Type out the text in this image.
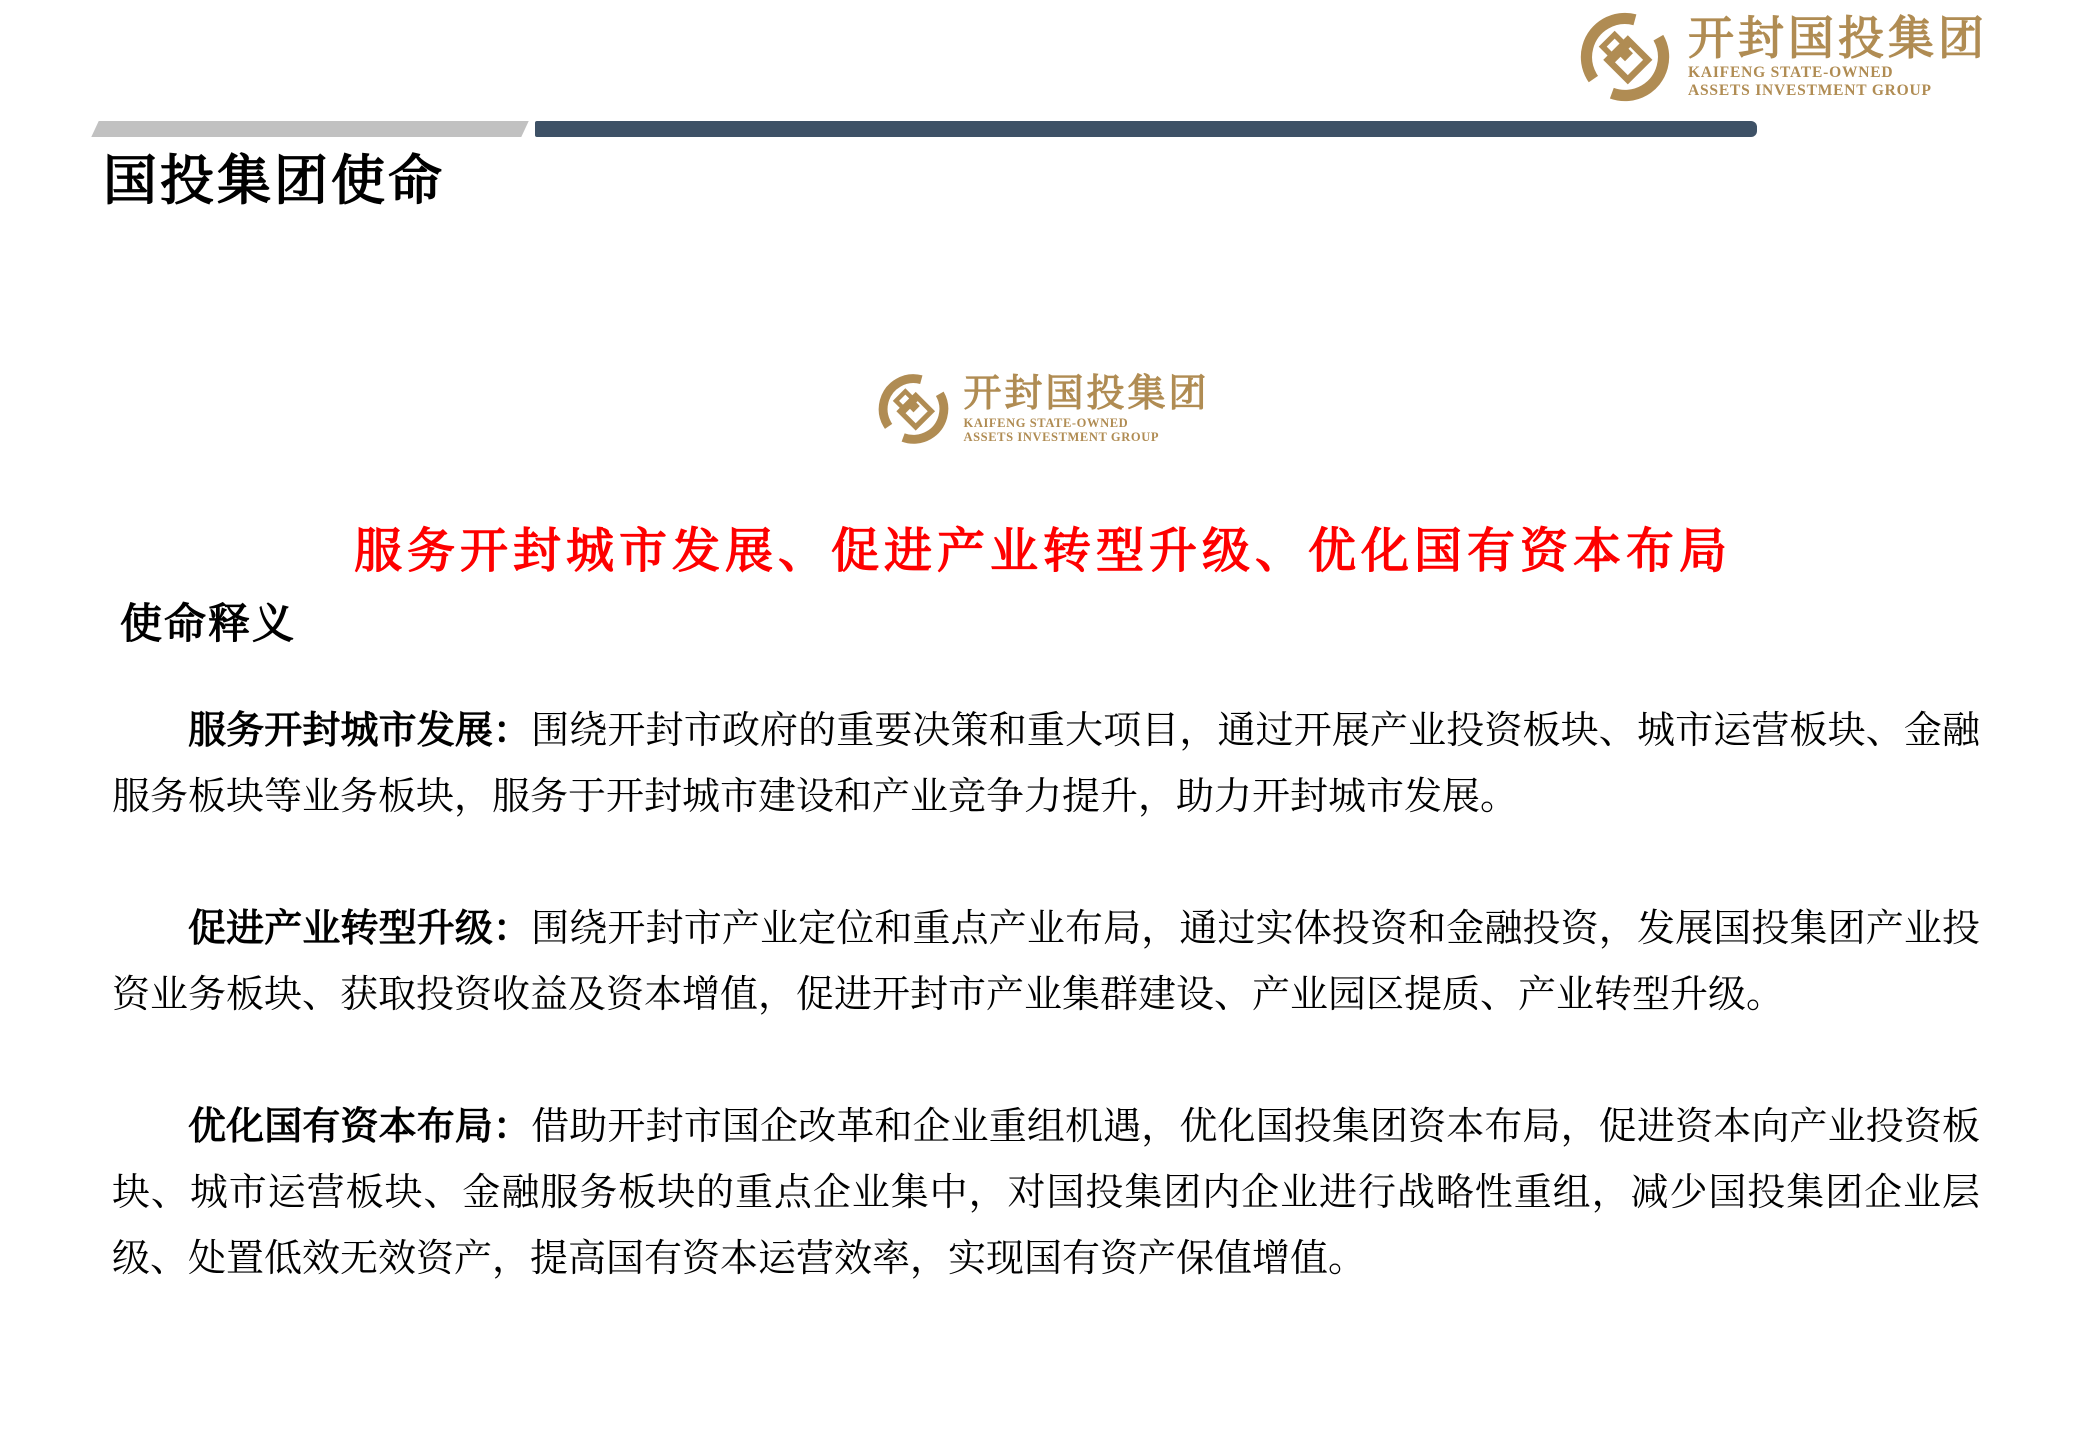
开封国投集团
KAIFENG STATE-OWNED
ASSETS INVESTMENT GROUP
国投集团使命
开封国投集团
KAIFENG STATE-OWNED
ASSETS INVESTMENT GROUP
服务开封城市发展、促进产业转型升级、优化国有资本布局
使命释义

服务开封城市发展：围绕开封市政府的重要决策和重大项目，通过开展产业投资板块、城市运营板块、金融服务板块等业务板块，服务于开封城市建设和产业竞争力提升，助力开封城市发展。

促进产业转型升级：围绕开封市产业定位和重点产业布局，通过实体投资和金融投资，发展国投集团产业投资业务板块、获取投资收益及资本增值，促进开封市产业集群建设、产业园区提质、产业转型升级。

优化国有资本布局：借助开封市国企改革和企业重组机遇，优化国投集团资本布局，促进资本向产业投资板块、城市运营板块、金融服务板块的重点企业集中，对国投集团内企业进行战略性重组，减少国投集团企业层级、处置低效无效资产，提高国有资本运营效率，实现国有资产保值增值。
